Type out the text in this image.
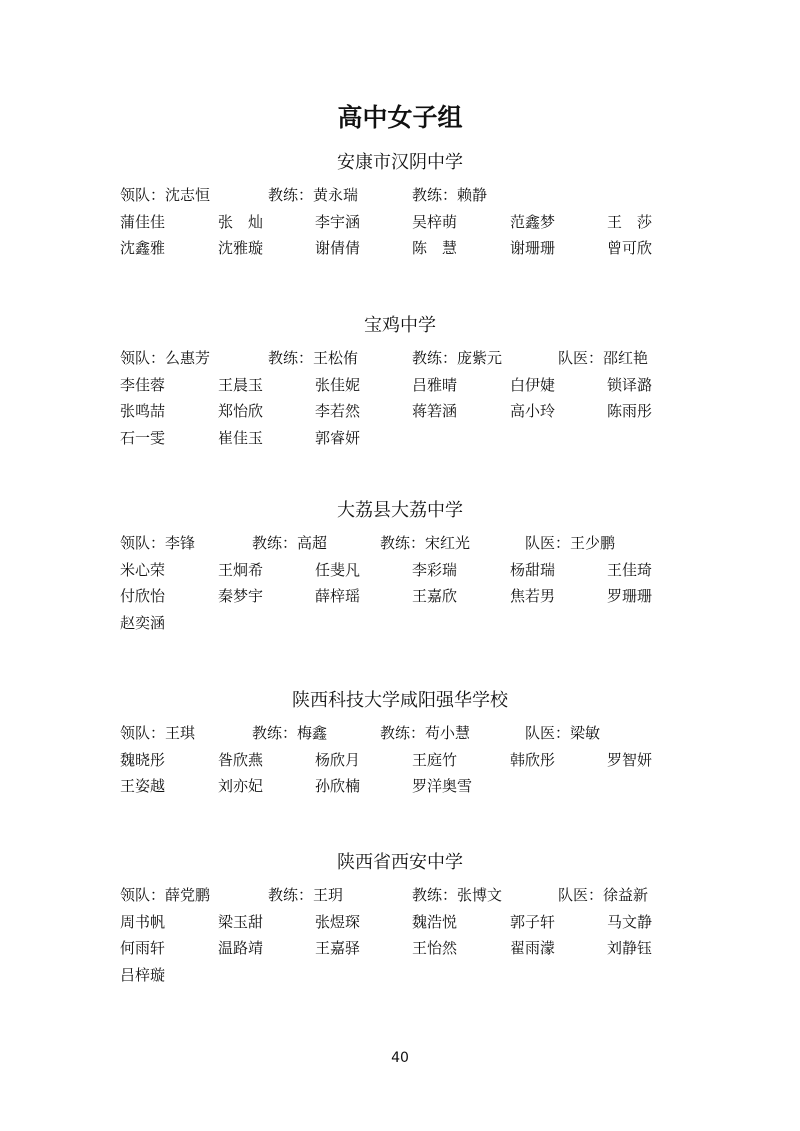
高中女子组
安康市汉阴中学
领队：沈志恒	教练：黄永瑞	教练：赖静
蒲佳佳	张　灿	李宇涵	吴梓萌	范鑫梦	王　莎
沈鑫雅	沈雅璇	谢倩倩	陈　慧	谢珊珊	曾可欣
宝鸡中学
领队：么惠芳	教练：王松侑	教练：庞紫元	队医：邵红艳
李佳蓉	王晨玉	张佳妮	吕雅晴	白伊婕	锁译潞
张鸣喆	郑怡欣	李若然	蒋箬涵	高小玲	陈雨彤
石一雯	崔佳玉	郭睿妍
大荔县大荔中学
领队：李锋	教练：高超	教练：宋红光	队医：王少鹏
米心荣	王炯希	任斐凡	李彩瑞	杨甜瑞	王佳琦
付欣怡	秦梦宇	薛梓瑶	王嘉欣	焦若男	罗珊珊
赵奕涵
陕西科技大学咸阳强华学校
领队：王琪	教练：梅鑫	教练：苟小慧	队医：梁敏
魏晓彤	昝欣燕	杨欣月	王庭竹	韩欣彤	罗智妍
王姿越	刘亦妃	孙欣楠	罗洋奥雪
陕西省西安中学
领队：薛党鹏	教练：王玥	教练：张博文	队医：徐益新
周书帆	梁玉甜	张煜琛	魏浩悦	郭子轩	马文静
何雨轩	温路靖	王嘉驿	王怡然	翟雨濛	刘静钰
吕梓璇
40
